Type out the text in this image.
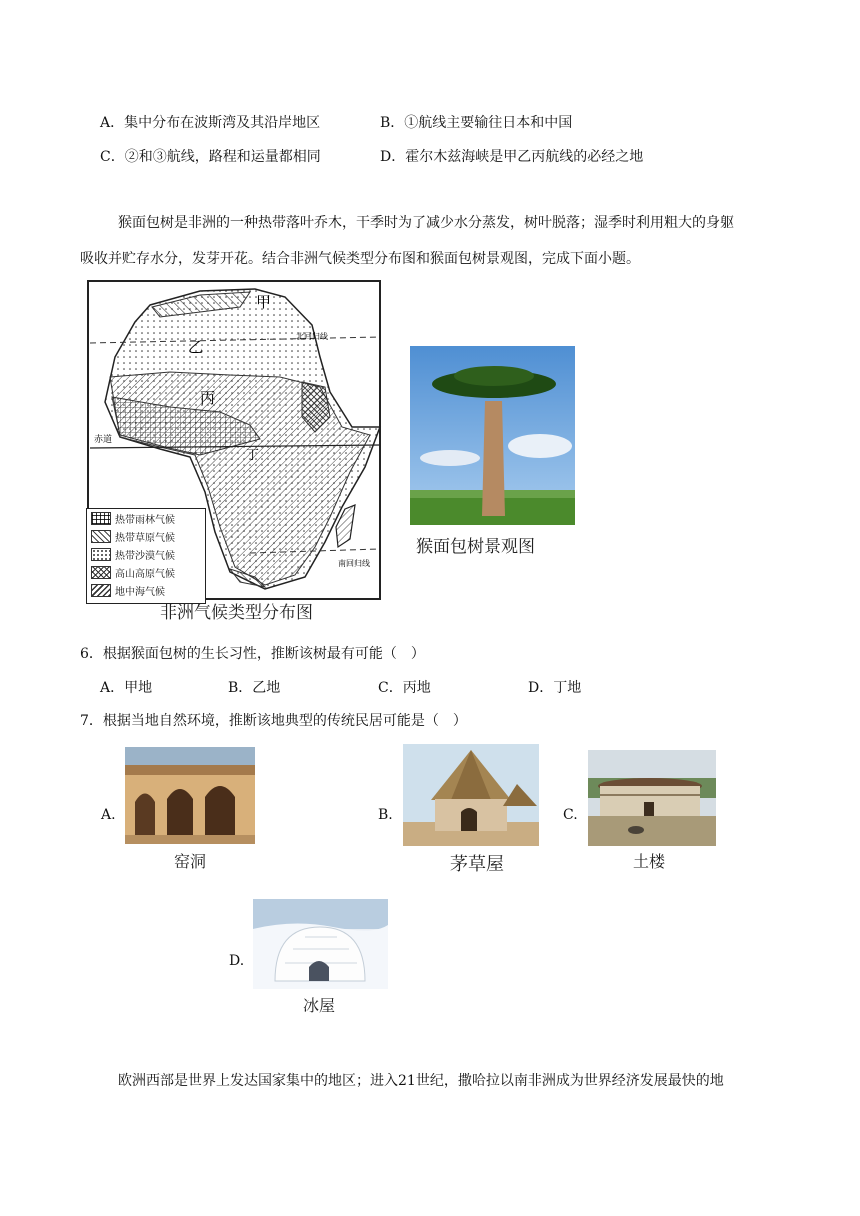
A．集中分布在波斯湾及其沿岸地区	B．①航线主要输往日本和中国
C．②和③航线，路程和运量都相同	D．霍尔木兹海峡是甲乙丙航线的必经之地
猴面包树是非洲的一种热带落叶乔木，干季时为了减少水分蒸发，树叶脱落；湿季时利用粗大的身躯
吸收并贮存水分，发芽开花。结合非洲气候类型分布图和猴面包树景观图，完成下面小题。
甲
乙
丙
丁
北回归线
赤道
南回归线
热带雨林气候
热带草原气候
热带沙漠气候
高山高原气候
地中海气候
非洲气候类型分布图
猴面包树景观图
6．根据猴面包树的生长习性，推断该树最有可能（　）
A．甲地	B．乙地	C．丙地	D．丁地
7．根据当地自然环境，推断该地典型的传统民居可能是（　）
A.
窑洞
B.
茅草屋
C.
土楼
D.
冰屋
欧洲西部是世界上发达国家集中的地区；进入21世纪，撒哈拉以南非洲成为世界经济发展最快的地
